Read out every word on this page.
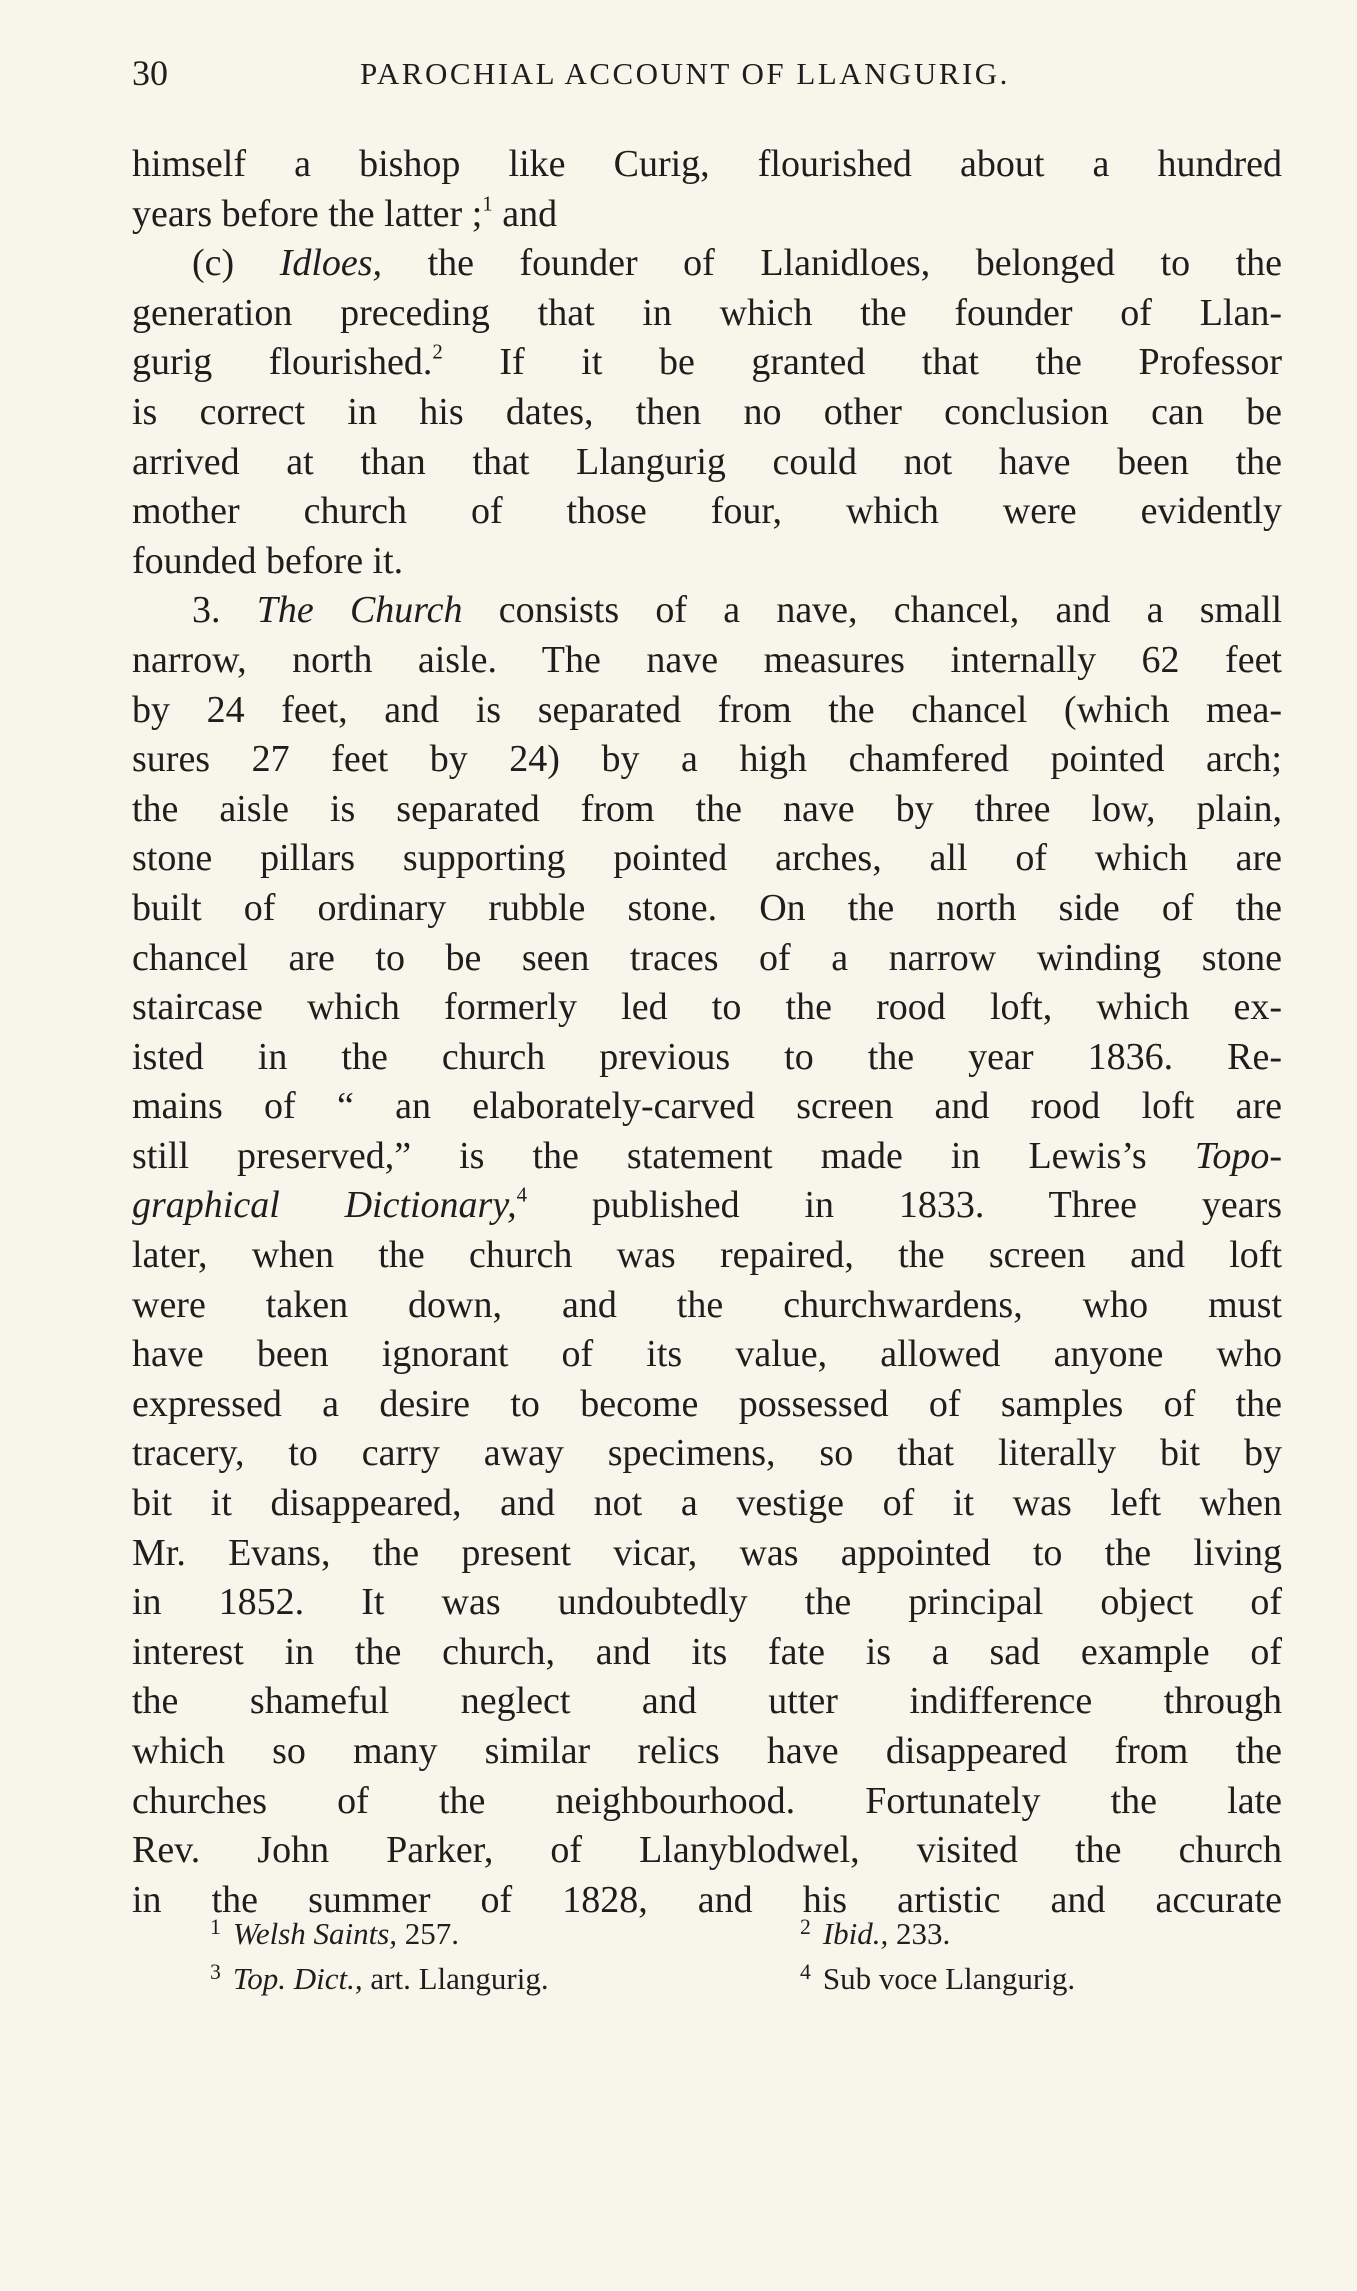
30	PAROCHIAL ACCOUNT OF LLANGURIG.
himself a bishop like Curig, flourished about a hundred
years before the latter ;$^1$ and
(c) Idloes, the founder of Llanidloes, belonged to the
generation preceding that in which the founder of Llan-
gurig flourished.$^2$ If it be granted that the Professor
is correct in his dates, then no other conclusion can be
arrived at than that Llangurig could not have been the
mother church of those four, which were evidently
founded before it.
3. The Church consists of a nave, chancel, and a small
narrow, north aisle. The nave measures internally 62 feet
by 24 feet, and is separated from the chancel (which mea-
sures 27 feet by 24) by a high chamfered pointed arch;
the aisle is separated from the nave by three low, plain,
stone pillars supporting pointed arches, all of which are
built of ordinary rubble stone. On the north side of the
chancel are to be seen traces of a narrow winding stone
staircase which formerly led to the rood loft, which ex-
isted in the church previous to the year 1836. Re-
mains of “ an elaborately-carved screen and rood loft are
still preserved,” is the statement made in Lewis’s Topo-
graphical Dictionary,$^4$ published in 1833. Three years
later, when the church was repaired, the screen and loft
were taken down, and the churchwardens, who must
have been ignorant of its value, allowed anyone who
expressed a desire to become possessed of samples of the
tracery, to carry away specimens, so that literally bit by
bit it disappeared, and not a vestige of it was left when
Mr. Evans, the present vicar, was appointed to the living
in 1852. It was undoubtedly the principal object of
interest in the church, and its fate is a sad example of
the shameful neglect and utter indifference through
which so many similar relics have disappeared from the
churches of the neighbourhood. Fortunately the late
Rev. John Parker, of Llanyblodwel, visited the church
in the summer of 1828, and his artistic and accurate
$^1$ Welsh Saints, 257.	$^2$ Ibid., 233.
$^3$ Top. Dict., art. Llangurig.	$^4$ Sub voce Llangurig.
